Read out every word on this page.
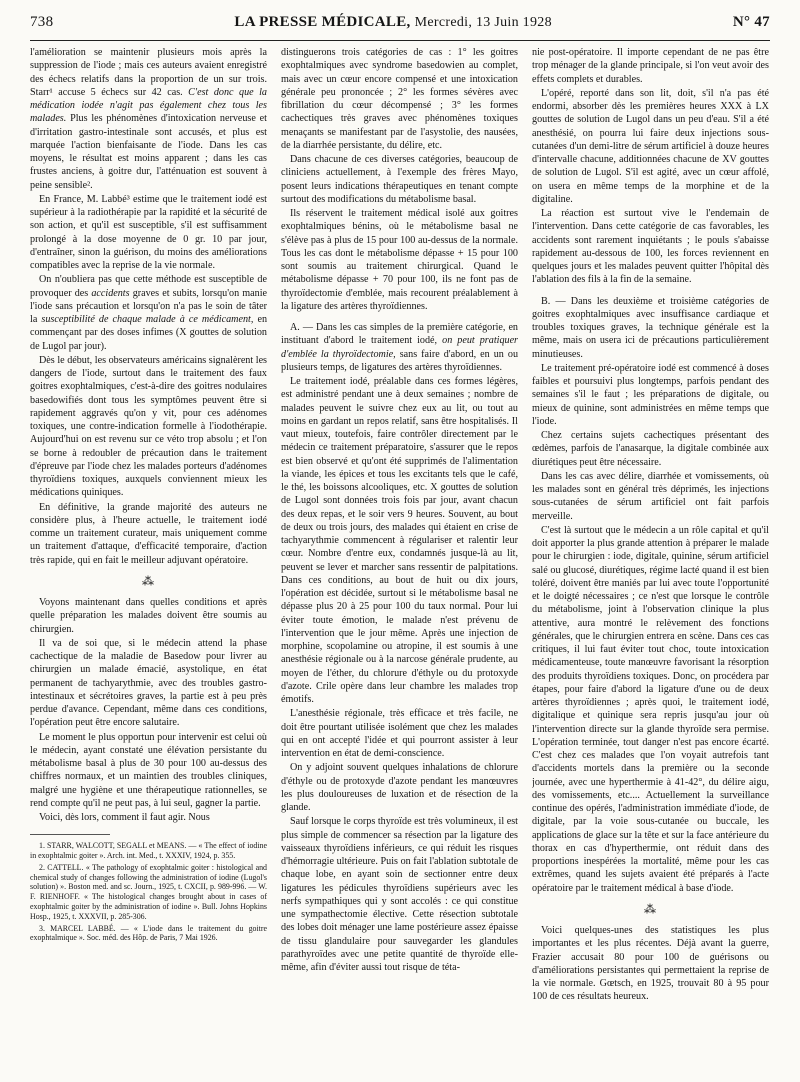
738	LA PRESSE MÉDICALE, Mercredi, 13 Juin 1928	N° 47

l'amélioration se maintenir plusieurs mois après la suppression de l'iode ; mais ces auteurs avaient enregistré des échecs relatifs dans la proportion de un sur trois. Starr¹ accuse 5 échecs sur 42 cas. C'est donc que la médication iodée n'agit pas également chez tous les malades. Plus les phénomènes d'intoxication nerveuse et d'irritation gastro-intestinale sont accusés, et plus est marquée l'action bienfaisante de l'iode. Dans les cas moyens, le résultat est moins apparent ; dans les cas frustes anciens, à goitre dur, l'atténuation est souvent à peine sensible².

En France, M. Labbé³ estime que le traitement iodé est supérieur à la radiothérapie par la rapidité et la sécurité de son action, et qu'il est susceptible, s'il est suffisamment prolongé à la dose moyenne de 0 gr. 10 par jour, d'entraîner, sinon la guérison, du moins des améliorations compatibles avec la reprise de la vie normale.

On n'oubliera pas que cette méthode est susceptible de provoquer des accidents graves et subits, lorsqu'on manie l'iode sans précaution et lorsqu'on n'a pas le soin de tâter la susceptibilité de chaque malade à ce médicament, en commençant par des doses infimes (X gouttes de solution de Lugol par jour).

Dès le début, les observateurs américains signalèrent les dangers de l'iode, surtout dans le traitement des faux goitres exophtalmiques, c'est-à-dire des goitres nodulaires basedowifiés dont tous les symptômes peuvent être si rapidement aggravés qu'on y vit, pour ces adénomes toxiques, une contre-indication formelle à l'iodothérapie. Aujourd'hui on est revenu sur ce véto trop absolu ; et l'on se borne à redoubler de précaution dans le traitement d'épreuve par l'iode chez les malades porteurs d'adénomes thyroïdiens toxiques, auxquels conviennent mieux les médications quiniques.

En définitive, la grande majorité des auteurs ne considère plus, à l'heure actuelle, le traitement iodé comme un traitement curateur, mais uniquement comme un traitement d'attaque, d'efficacité temporaire, d'action très rapide, qui en fait le meilleur adjuvant opératoire.

⁂

Voyons maintenant dans quelles conditions et après quelle préparation les malades doivent être soumis au chirurgien.

Il va de soi que, si le médecin attend la phase cachectique de la maladie de Basedow pour livrer au chirurgien un malade émacié, asystolique, en état permanent de tachyarythmie, avec des troubles gastro-intestinaux et sécrétoires graves, la partie est à peu près perdue d'avance. Cependant, même dans ces conditions, l'opération peut être encore salutaire.

Le moment le plus opportun pour intervenir est celui où le médecin, ayant constaté une élévation persistante du métabolisme basal à plus de 30 pour 100 au-dessus des chiffres normaux, et un maintien des troubles cliniques, malgré une hygiène et une thérapeutique rationnelles, se rend compte qu'il ne peut pas, à lui seul, gagner la partie.

Voici, dès lors, comment il faut agir. Nous

1. STARR, WALCOTT, SEGALL et MEANS. — « The effect of iodine in exophtalmic goiter ». Arch. int. Med., t. XXXIV, 1924, p. 355.

2. CATTELL. « The pathology of exophtalmic goiter : histological and chemical study of changes following the administration of iodine (Lugol's solution) ». Boston med. and sc. Journ., 1925, t. CXCII, p. 989-996. — W. F. RIENHOFF. « The histological changes brought about in cases of exophtalmic goiter by the administration of iodine ». Bull. Johns Hopkins Hosp., 1925, t. XXXVII, p. 285-306.

3. MARCEL LABBÉ. — « L'iode dans le traitement du goitre exophtalmique ». Soc. méd. des Hôp. de Paris, 7 Mai 1926.

distinguerons trois catégories de cas : 1° les goitres exophtalmiques avec syndrome basedowien au complet, mais avec un cœur encore compensé et une intoxication générale peu prononcée ; 2° les formes sévères avec fibrillation du cœur décompensé ; 3° les formes cachectiques très graves avec phénomènes toxiques menaçants se manifestant par de l'asystolie, des nausées, de la diarrhée persistante, du délire, etc.

Dans chacune de ces diverses catégories, beaucoup de cliniciens actuellement, à l'exemple des frères Mayo, posent leurs indications thérapeutiques en tenant compte surtout des modifications du métabolisme basal.

Ils réservent le traitement médical isolé aux goitres exophtalmiques bénins, où le métabolisme basal ne s'élève pas à plus de 15 pour 100 au-dessus de la normale. Tous les cas dont le métabolisme dépasse + 15 pour 100 sont soumis au traitement chirurgical. Quand le métabolisme dépasse + 70 pour 100, ils ne font pas de thyroïdectomie d'emblée, mais recourent préalablement à la ligature des artères thyroïdiennes.

A. — Dans les cas simples de la première catégorie, en instituant d'abord le traitement iodé, on peut pratiquer d'emblée la thyroïdectomie, sans faire d'abord, en un ou plusieurs temps, de ligatures des artères thyroïdiennes.

Le traitement iodé, préalable dans ces formes légères, est administré pendant une à deux semaines ; nombre de malades peuvent le suivre chez eux au lit, ou tout au moins en gardant un repos relatif, sans être hospitalisés. Il vaut mieux, toutefois, faire contrôler directement par le médecin ce traitement préparatoire, s'assurer que le repos est bien observé et qu'ont été supprimés de l'alimentation la viande, les épices et tous les excitants tels que le café, le thé, les boissons alcooliques, etc. X gouttes de solution de Lugol sont données trois fois par jour, avant chacun des deux repas, et le soir vers 9 heures. Souvent, au bout de deux ou trois jours, des malades qui étaient en crise de tachyarythmie commencent à régulariser et ralentir leur cœur. Nombre d'entre eux, condamnés jusque-là au lit, peuvent se lever et marcher sans ressentir de palpitations. Dans ces conditions, au bout de huit ou dix jours, l'opération est décidée, surtout si le métabolisme basal ne dépasse plus 20 à 25 pour 100 du taux normal. Pour lui éviter toute émotion, le malade n'est prévenu de l'intervention que le jour même. Après une injection de morphine, scopolamine ou atropine, il est soumis à une anesthésie régionale ou à la narcose générale prudente, au moyen de l'éther, du chlorure d'éthyle ou du protoxyde d'azote. Crile opère dans leur chambre les malades trop émotifs.

L'anesthésie régionale, très efficace et très facile, ne doit être pourtant utilisée isolément que chez les malades qui en ont accepté l'idée et qui pourront assister à leur intervention en état de demi-conscience.

On y adjoint souvent quelques inhalations de chlorure d'éthyle ou de protoxyde d'azote pendant les manœuvres les plus douloureuses de luxation et de résection de la glande.

Sauf lorsque le corps thyroïde est très volumineux, il est plus simple de commencer sa résection par la ligature des vaisseaux thyroïdiens inférieurs, ce qui réduit les risques d'hémorragie ultérieure. Puis on fait l'ablation subtotale de chaque lobe, en ayant soin de sectionner entre deux ligatures les pédicules thyroïdiens supérieurs avec les nerfs sympathiques qui y sont accolés : ce qui constitue une sympathectomie élective. Cette résection subtotale des lobes doit ménager une lame postérieure assez épaisse de tissu glandulaire pour sauvegarder les glandules parathyroïdes avec une petite quantité de thyroïde elle-même, afin d'éviter aussi tout risque de téta-

nie post-opératoire. Il importe cependant de ne pas être trop ménager de la glande principale, si l'on veut avoir des effets complets et durables.

L'opéré, reporté dans son lit, doit, s'il n'a pas été endormi, absorber dès les premières heures XXX à LX gouttes de solution de Lugol dans un peu d'eau. S'il a été anesthésié, on pourra lui faire deux injections sous-cutanées d'un demi-litre de sérum artificiel à douze heures d'intervalle chacune, additionnées chacune de XV gouttes de solution de Lugol. S'il est agité, avec un cœur affolé, on usera en même temps de la morphine et de la digitaline.

La réaction est surtout vive le l'endemain de l'intervention. Dans cette catégorie de cas favorables, les accidents sont rarement inquiétants ; le pouls s'abaisse rapidement au-dessous de 100, les forces reviennent en quelques jours et les malades peuvent quitter l'hôpital dès l'ablation des fils à la fin de la semaine.

B. — Dans les deuxième et troisième catégories de goitres exophtalmiques avec insuffisance cardiaque et troubles toxiques graves, la technique générale est la même, mais on usera ici de précautions particulièrement minutieuses.

Le traitement pré-opératoire iodé est commencé à doses faibles et poursuivi plus longtemps, parfois pendant des semaines s'il le faut ; les préparations de digitale, ou mieux de quinine, sont administrées en même temps que l'iode.

Chez certains sujets cachectiques présentant des œdèmes, parfois de l'anasarque, la digitale combinée aux diurétiques peut être nécessaire.

Dans les cas avec délire, diarrhée et vomissements, où les malades sont en général très déprimés, les injections sous-cutanées de sérum artificiel ont fait parfois merveille.

C'est là surtout que le médecin a un rôle capital et qu'il doit apporter la plus grande attention à préparer le malade pour le chirurgien : iode, digitale, quinine, sérum artificiel salé ou glucosé, diurétiques, régime lacté quand il est bien toléré, doivent être maniés par lui avec toute l'opportunité et le doigté nécessaires ; ce n'est que lorsque le contrôle du métabolisme, joint à l'observation clinique la plus attentive, aura montré le relèvement des fonctions générales, que le chirurgien entrera en scène. Dans ces cas critiques, il lui faut éviter tout choc, toute intoxication médicamenteuse, toute manœuvre favorisant la résorption des produits thyroïdiens toxiques. Donc, on procédera par étapes, pour faire d'abord la ligature d'une ou de deux artères thyroïdiennes ; après quoi, le traitement iodé, digitalique et quinique sera repris jusqu'au jour où l'intervention directe sur la glande thyroïde sera permise. L'opération terminée, tout danger n'est pas encore écarté. C'est chez ces malades que l'on voyait autrefois tant d'accidents mortels dans la première ou la seconde journée, avec une hyperthermie à 41-42°, du délire aigu, des vomissements, etc.... Actuellement la surveillance continue des opérés, l'administration immédiate d'iode, de digitale, par la voie sous-cutanée ou buccale, les applications de glace sur la tête et sur la face antérieure du thorax en cas d'hyperthermie, ont réduit dans des proportions inespérées la mortalité, même pour les cas extrêmes, quand les sujets avaient été préparés à l'acte opératoire par le traitement médical à base d'iode.

⁂

Voici quelques-unes des statistiques les plus importantes et les plus récentes. Déjà avant la guerre, Frazier accusait 80 pour 100 de guérisons ou d'améliorations persistantes qui permettaient la reprise de la vie normale. Gœtsch, en 1925, trouvait 80 à 95 pour 100 de ces résultats heureux.
